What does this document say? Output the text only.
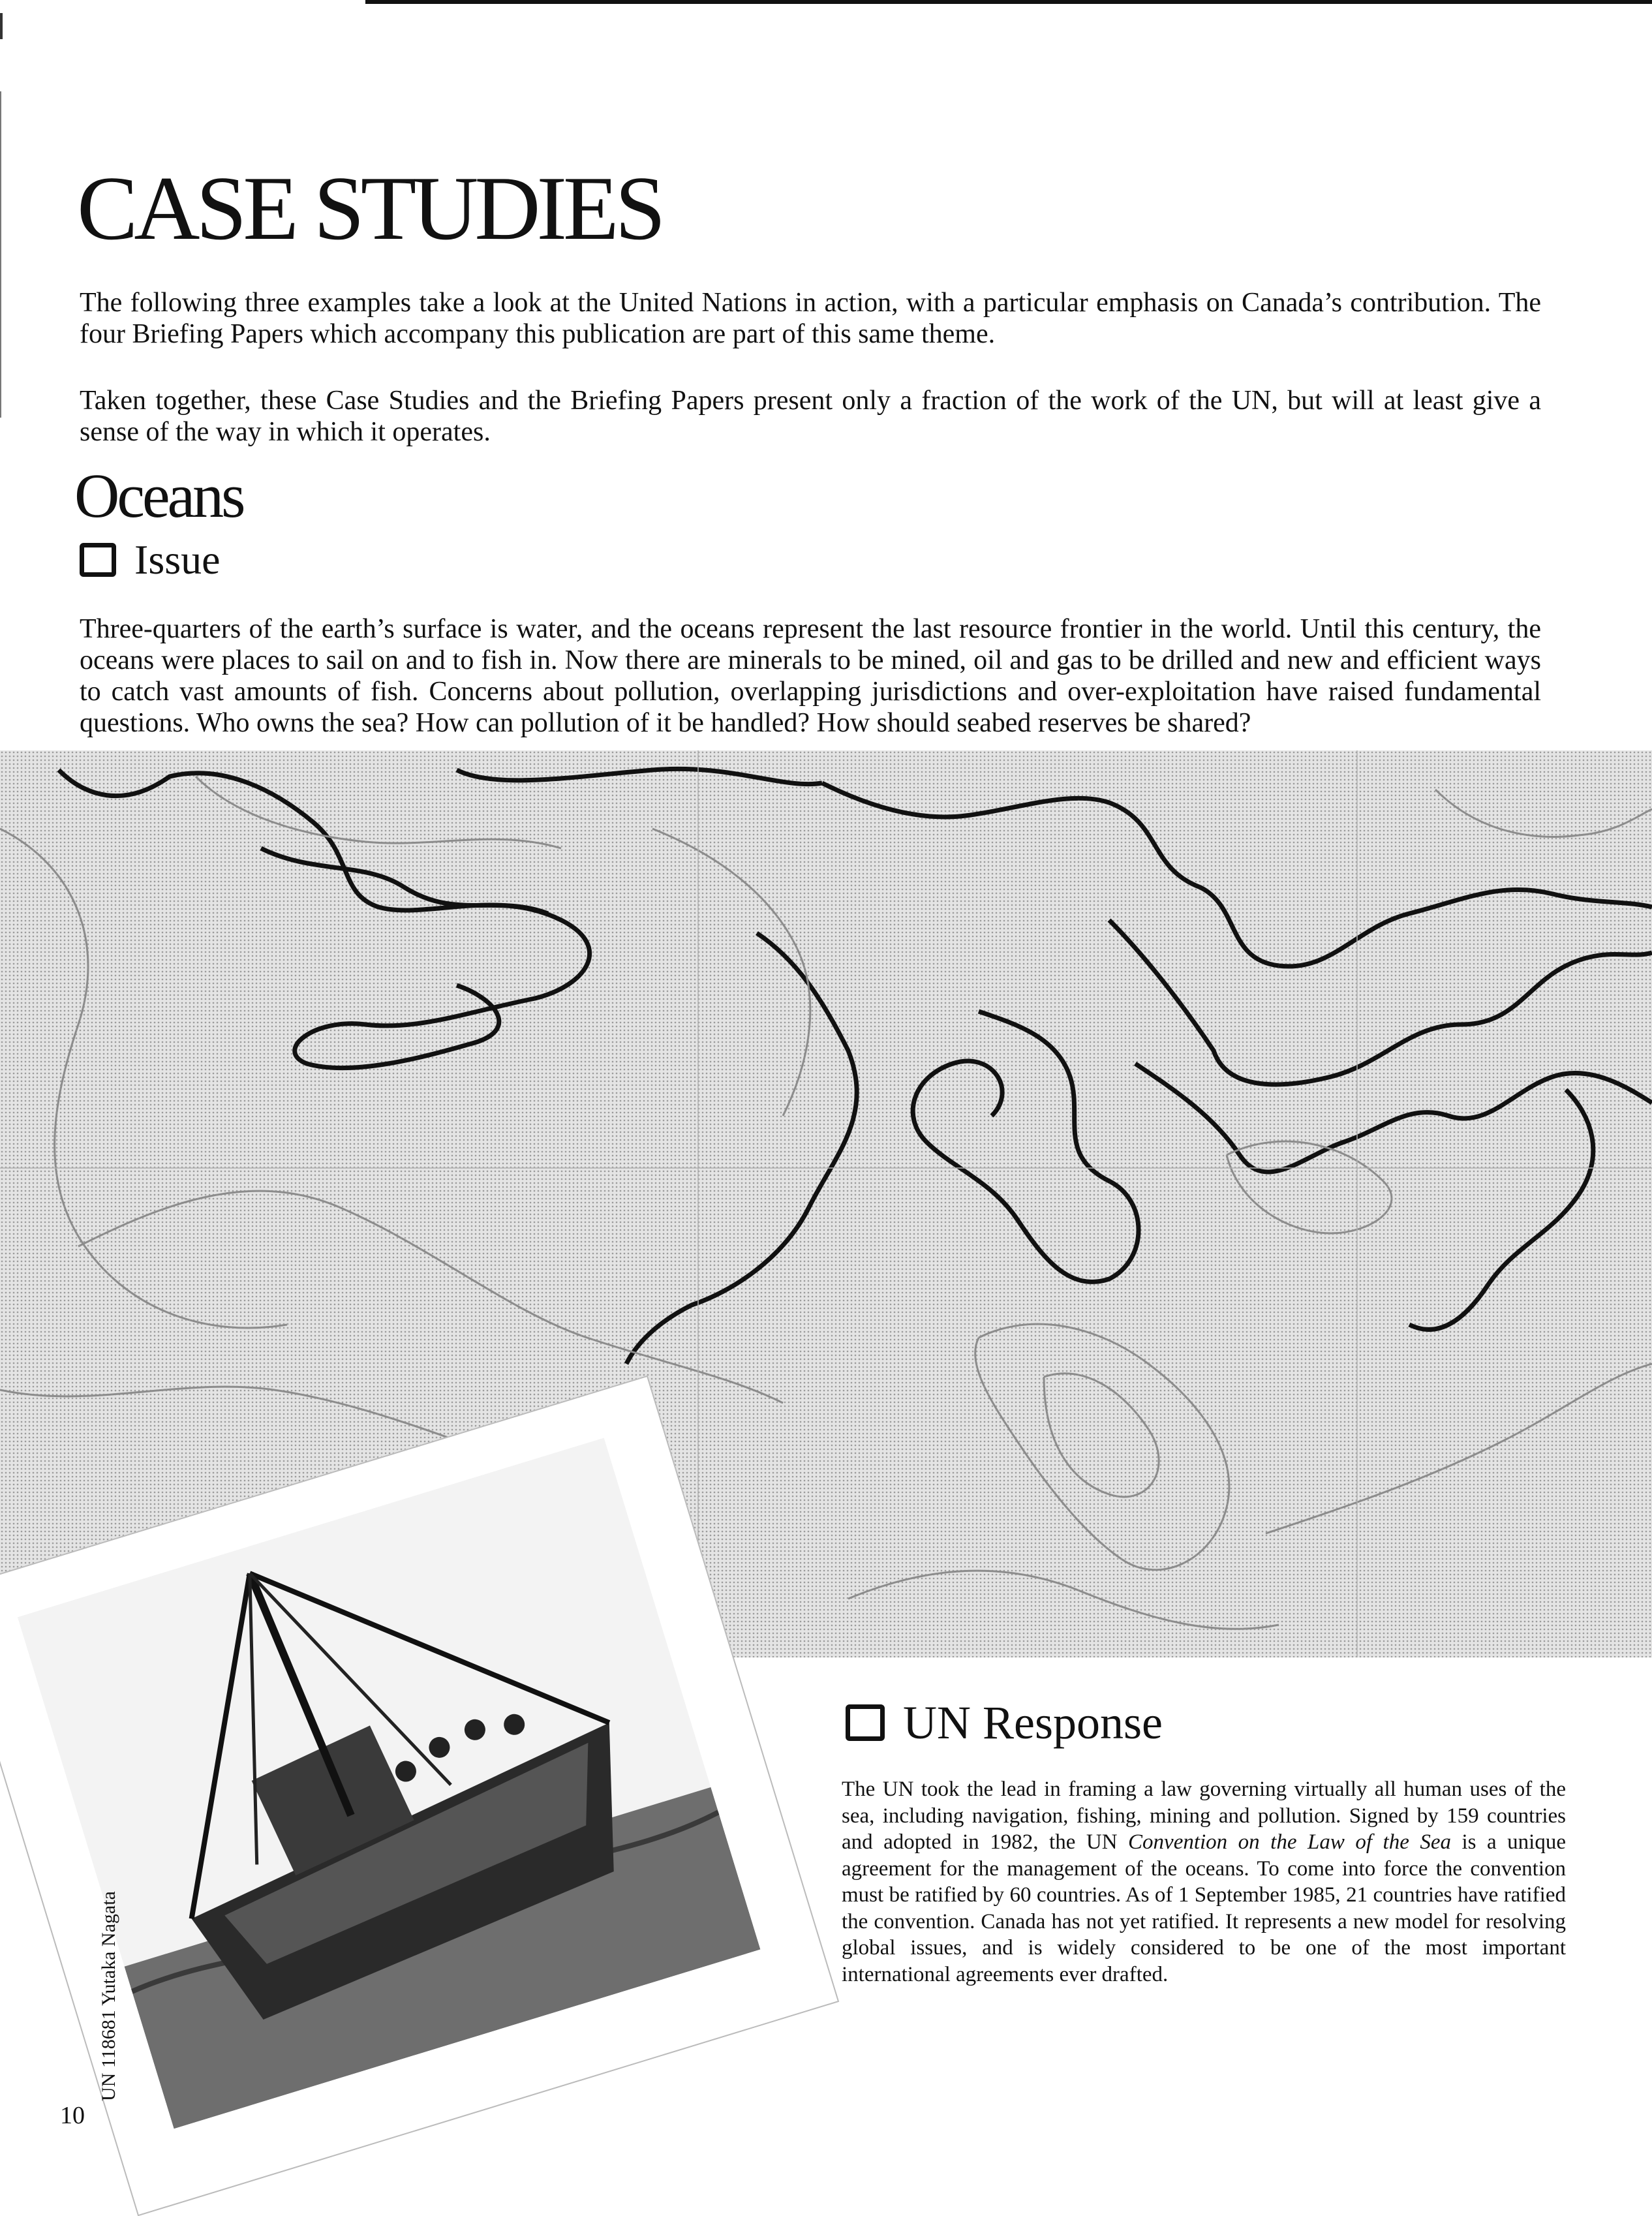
CASE STUDIES

The following three examples take a look at the United Nations in action, with a particular emphasis on Canada’s contribution. The four Briefing Papers which accompany this publication are part of this same theme.

Taken together, these Case Studies and the Briefing Papers present only a fraction of the work of the UN, but will at least give a sense of the way in which it operates.

Oceans
Issue

Three-quarters of the earth’s surface is water, and the oceans represent the last resource frontier in the world. Until this century, the oceans were places to sail on and to fish in. Now there are minerals to be mined, oil and gas to be drilled and new and efficient ways to catch vast amounts of fish. Concerns about pollution, overlapping jurisdictions and over-exploitation have raised fundamental questions. Who owns the sea? How can pollution of it be handled? How should seabed reserves be shared?

UN 118681 Yutaka Nagata

UN Response

The UN took the lead in framing a law governing virtually all human uses of the sea, including navigation, fishing, mining and pollution. Signed by 159 countries and adopted in 1982, the UN Convention on the Law of the Sea is a unique agreement for the management of the oceans. To come into force the convention must be ratified by 60 countries. As of 1 September 1985, 21 countries have ratified the convention. Canada has not yet ratified. It represents a new model for resolving global issues, and is widely considered to be one of the most important international agreements ever drafted.

10
